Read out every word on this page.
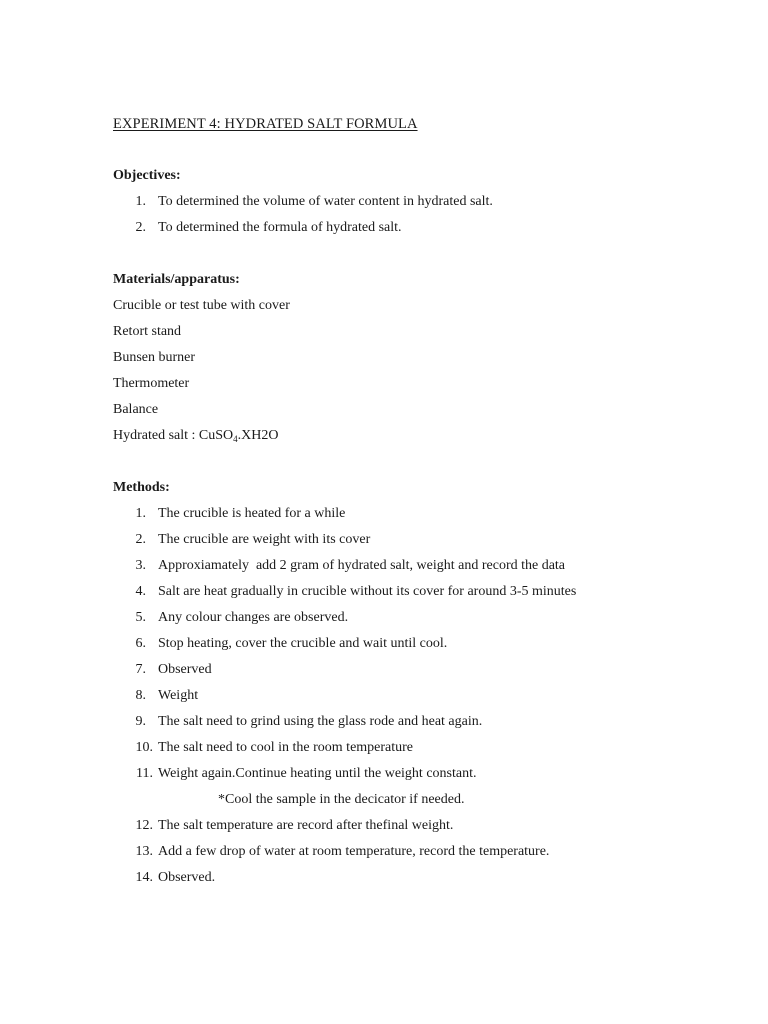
EXPERIMENT 4: HYDRATED SALT FORMULA
Objectives:
1. To determined the volume of water content in hydrated salt.
2. To determined the formula of hydrated salt.
Materials/apparatus:
Crucible or test tube with cover
Retort stand
Bunsen burner
Thermometer
Balance
Hydrated salt : CuSO$_4$.XH2O
Methods:
1. The crucible is heated for a while
2. The crucible are weight with its cover
3. Approxiamately  add 2 gram of hydrated salt, weight and record the data
4. Salt are heat gradually in crucible without its cover for around 3-5 minutes
5. Any colour changes are observed.
6. Stop heating, cover the crucible and wait until cool.
7. Observed
8. Weight
9. The salt need to grind using the glass rode and heat again.
10. The salt need to cool in the room temperature
11. Weight again.Continue heating until the weight constant.
*Cool the sample in the decicator if needed.
12. The salt temperature are record after thefinal weight.
13. Add a few drop of water at room temperature, record the temperature.
14. Observed.
